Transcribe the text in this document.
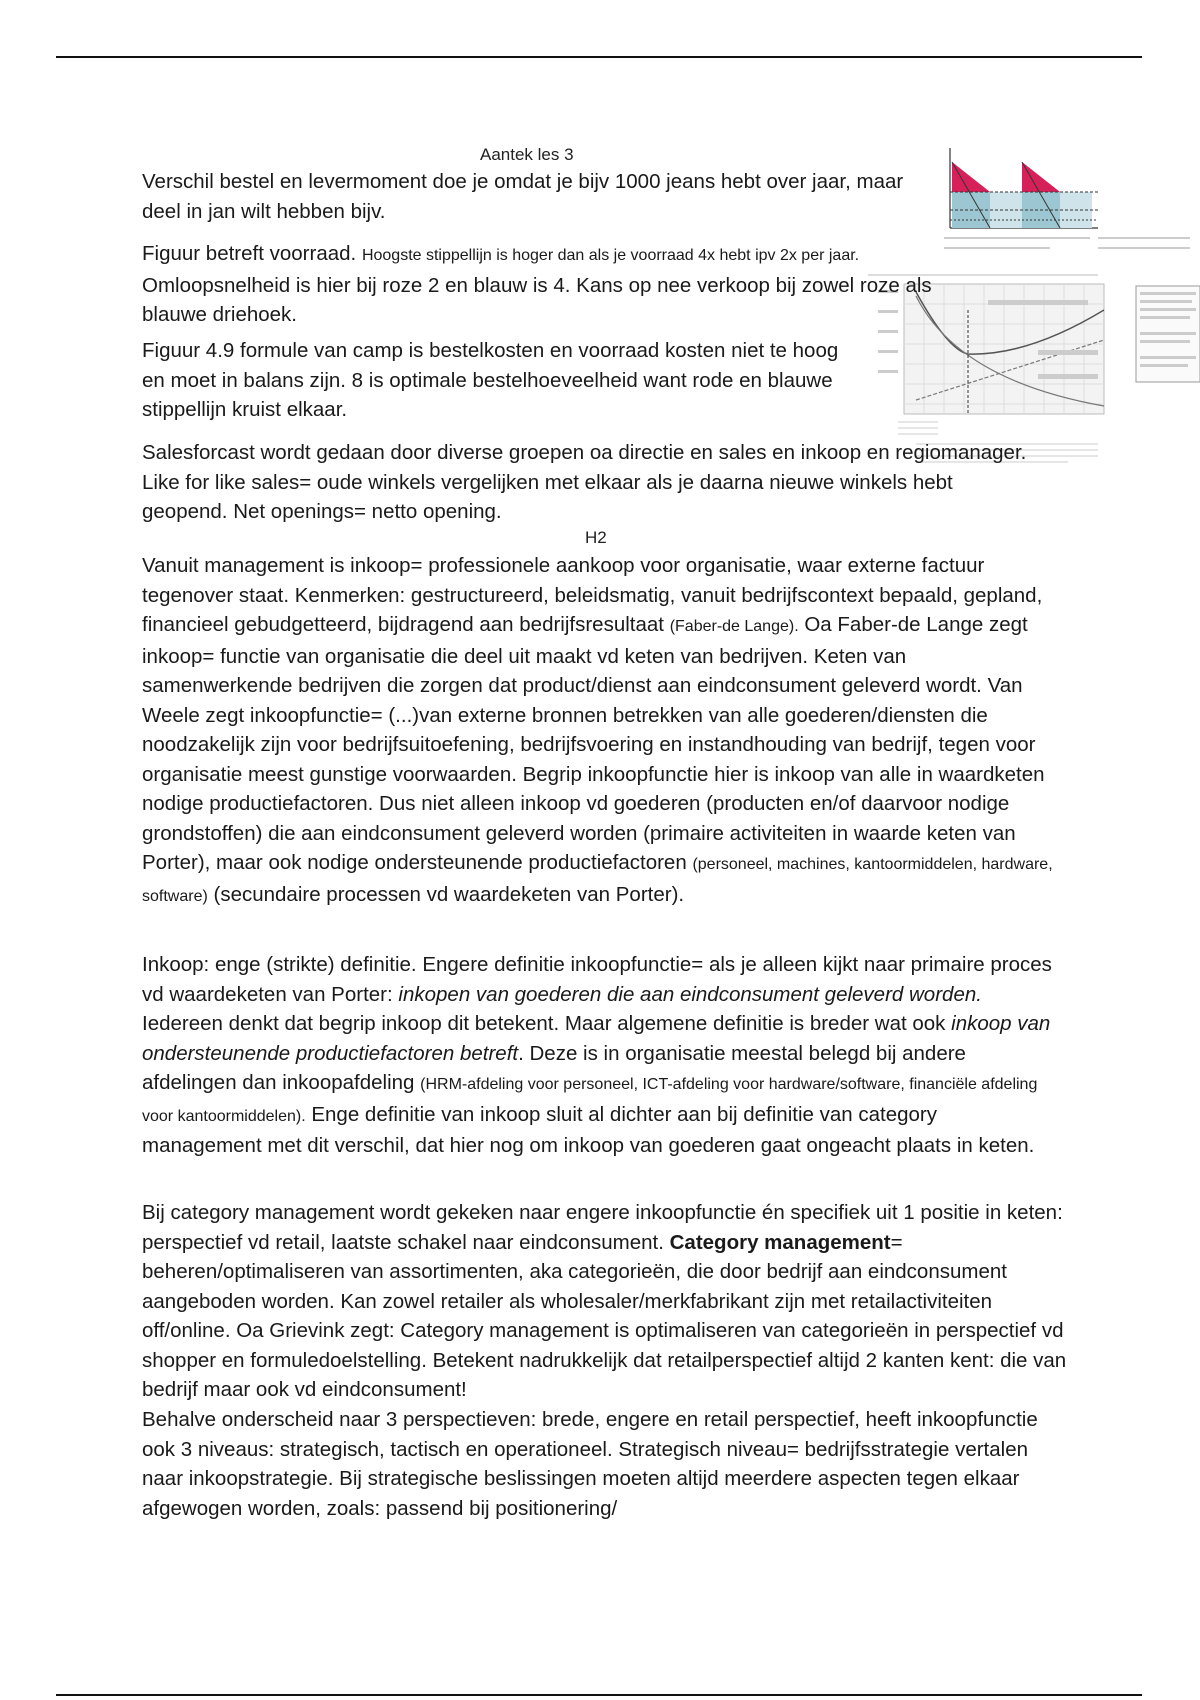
Aantek les 3

Verschil bestel en levermoment doe je omdat je bijv 1000 jeans hebt over jaar, maar deel in jan wilt hebben bijv.

Figuur betreft voorraad. Hoogste stippellijn is hoger dan als je voorraad 4x hebt ipv 2x per jaar. Omloopsnelheid is hier bij roze 2 en blauw is 4. Kans op nee verkoop bij zowel roze als blauwe driehoek.

Figuur 4.9 formule van camp is bestelkosten en voorraad kosten niet te hoog en moet in balans zijn. 8 is optimale bestelhoeveelheid want rode en blauwe stippellijn kruist elkaar.

Salesforcast wordt gedaan door diverse groepen oa directie en sales en inkoop en regiomanager. Like for like sales= oude winkels vergelijken met elkaar als je daarna nieuwe winkels hebt geopend. Net openings= netto opening.

H2

Vanuit management is inkoop= professionele aankoop voor organisatie, waar externe factuur tegenover staat. Kenmerken: gestructureerd, beleidsmatig, vanuit bedrijfscontext bepaald, gepland, financieel gebudgetteerd, bijdragend aan bedrijfsresultaat (Faber-de Lange). Oa Faber-de Lange zegt inkoop= functie van organisatie die deel uit maakt vd keten van bedrijven. Keten van samenwerkende bedrijven die zorgen dat product/dienst aan eindconsument geleverd wordt. Van Weele zegt inkoopfunctie= (...)van externe bronnen betrekken van alle goederen/diensten die noodzakelijk zijn voor bedrijfsuitoefening, bedrijfsvoering en instandhouding van bedrijf, tegen voor organisatie meest gunstige voorwaarden. Begrip inkoopfunctie hier is inkoop van alle in waardketen nodige productiefactoren. Dus niet alleen inkoop vd goederen (producten en/of daarvoor nodige grondstoffen) die aan eindconsument geleverd worden (primaire activiteiten in waarde keten van Porter), maar ook nodige ondersteunende productiefactoren (personeel, machines, kantoormiddelen, hardware, software) (secundaire processen vd waardeketen van Porter).

Inkoop: enge (strikte) definitie. Engere definitie inkoopfunctie= als je alleen kijkt naar primaire proces vd waardeketen van Porter: inkopen van goederen die aan eindconsument geleverd worden. Iedereen denkt dat begrip inkoop dit betekent. Maar algemene definitie is breder wat ook inkoop van ondersteunende productiefactoren betreft. Deze is in organisatie meestal belegd bij andere afdelingen dan inkoopafdeling (HRM-afdeling voor personeel, ICT-afdeling voor hardware/software, financiële afdeling voor kantoormiddelen). Enge definitie van inkoop sluit al dichter aan bij definitie van category management met dit verschil, dat hier nog om inkoop van goederen gaat ongeacht plaats in keten.

Bij category management wordt gekeken naar engere inkoopfunctie én specifiek uit 1 positie in keten: perspectief vd retail, laatste schakel naar eindconsument. Category management= beheren/optimaliseren van assortimenten, aka categorieën, die door bedrijf aan eindconsument aangeboden worden. Kan zowel retailer als wholesaler/merkfabrikant zijn met retailactiviteiten off/online. Oa Grievink zegt: Category management is optimaliseren van categorieën in perspectief vd shopper en formuledoelstelling. Betekent nadrukkelijk dat retailperspectief altijd 2 kanten kent: die van bedrijf maar ook vd eindconsument!

Behalve onderscheid naar 3 perspectieven: brede, engere en retail perspectief, heeft inkoopfunctie ook 3 niveaus: strategisch, tactisch en operationeel. Strategisch niveau= bedrijfsstrategie vertalen naar inkoopstrategie. Bij strategische beslissingen moeten altijd meerdere aspecten tegen elkaar afgewogen worden, zoals: passend bij positionering/
